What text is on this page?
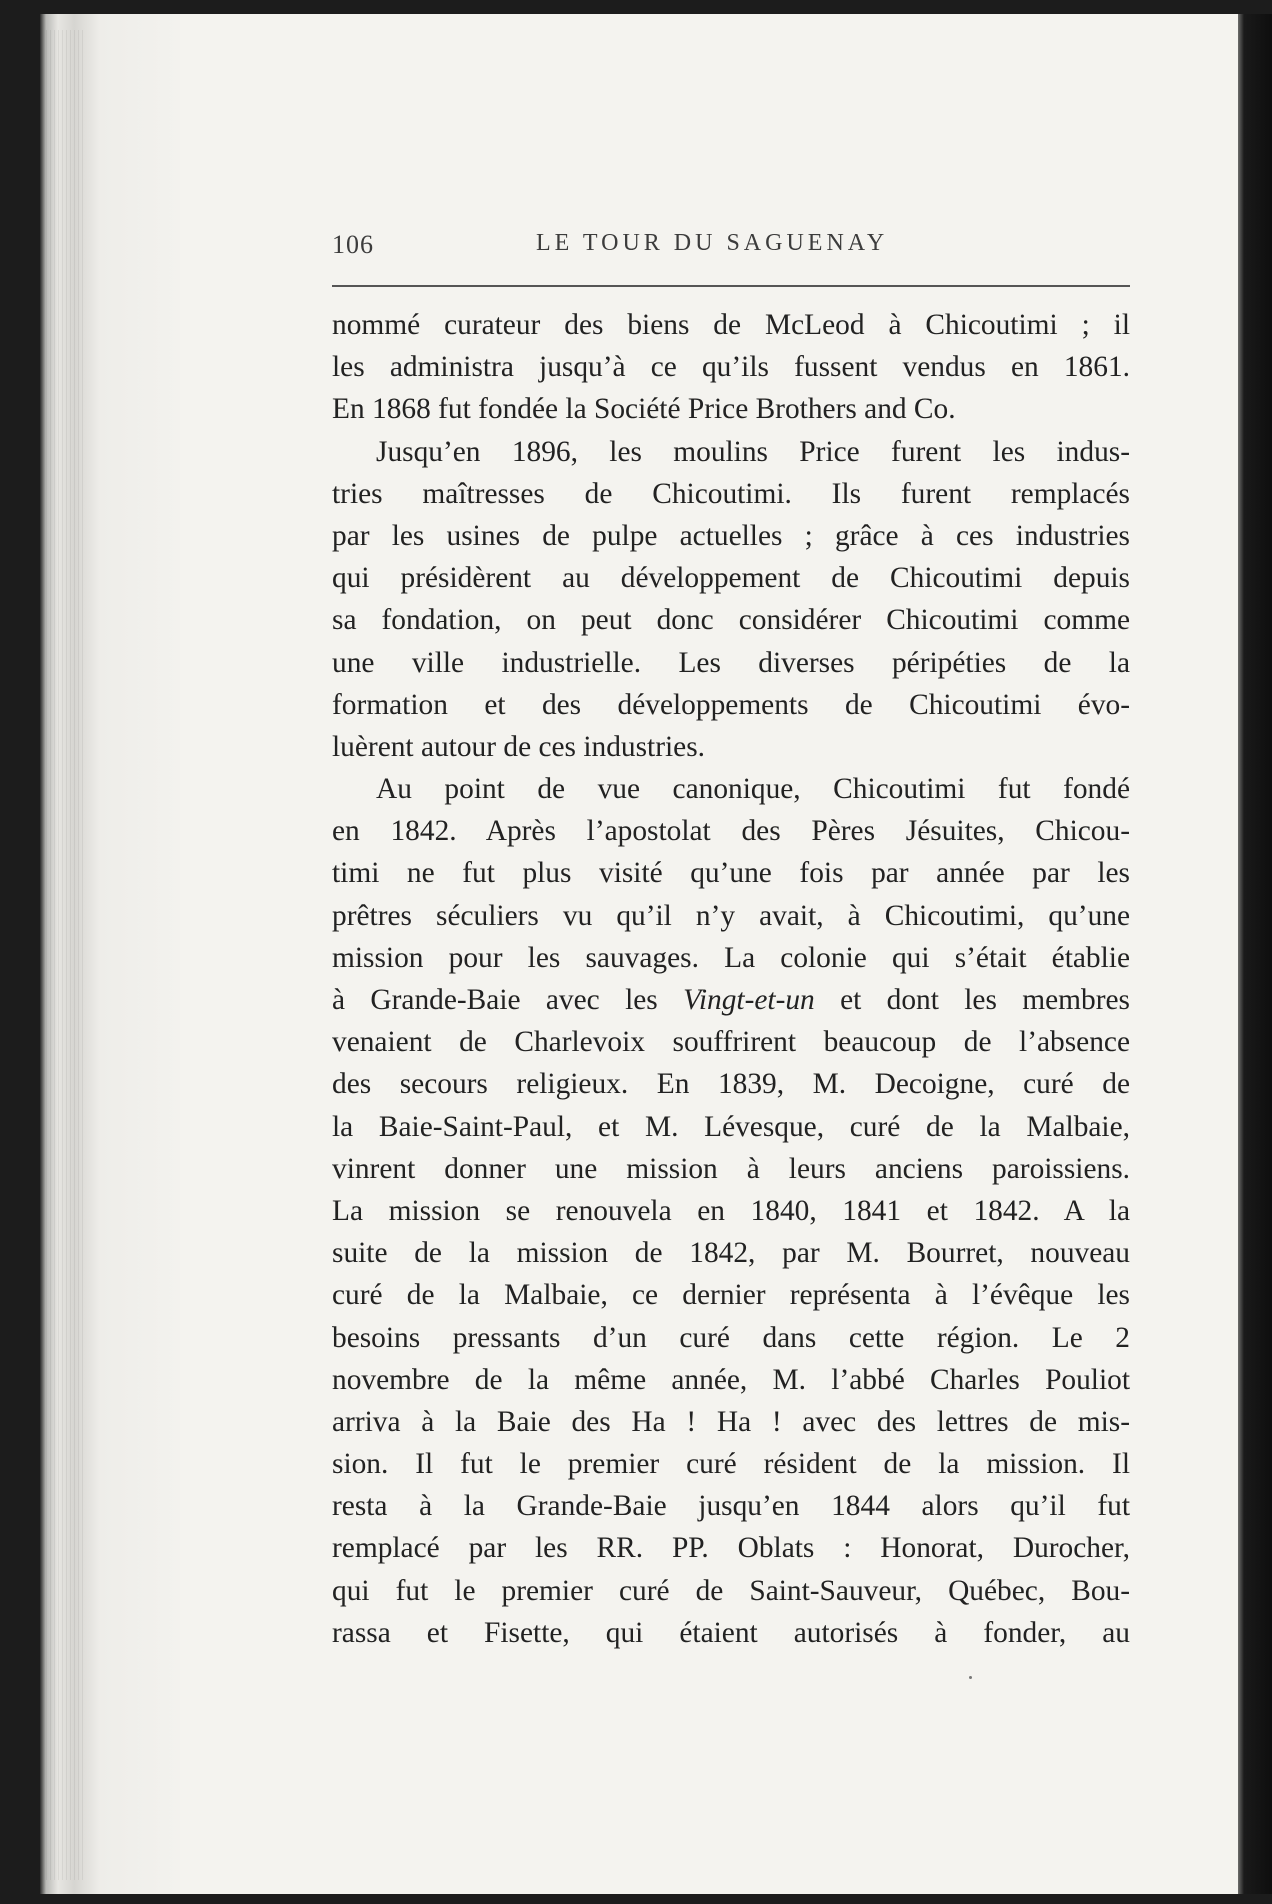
106	LE TOUR DU SAGUENAY
nommé curateur des biens de McLeod à Chicoutimi ; il
les administra jusqu’à ce qu’ils fussent vendus en 1861.
En 1868 fut fondée la Société Price Brothers and Co.
Jusqu’en 1896, les moulins Price furent les indus-
tries maîtresses de Chicoutimi. Ils furent remplacés
par les usines de pulpe actuelles ; grâce à ces industries
qui présidèrent au développement de Chicoutimi depuis
sa fondation, on peut donc considérer Chicoutimi comme
une ville industrielle. Les diverses péripéties de la
formation et des développements de Chicoutimi évo-
luèrent autour de ces industries.
Au point de vue canonique, Chicoutimi fut fondé
en 1842. Après l’apostolat des Pères Jésuites, Chicou-
timi ne fut plus visité qu’une fois par année par les
prêtres séculiers vu qu’il n’y avait, à Chicoutimi, qu’une
mission pour les sauvages. La colonie qui s’était établie
à Grande-Baie avec les Vingt-et-un et dont les membres
venaient de Charlevoix souffrirent beaucoup de l’absence
des secours religieux. En 1839, M. Decoigne, curé de
la Baie-Saint-Paul, et M. Lévesque, curé de la Malbaie,
vinrent donner une mission à leurs anciens paroissiens.
La mission se renouvela en 1840, 1841 et 1842. A la
suite de la mission de 1842, par M. Bourret, nouveau
curé de la Malbaie, ce dernier représenta à l’évêque les
besoins pressants d’un curé dans cette région. Le 2
novembre de la même année, M. l’abbé Charles Pouliot
arriva à la Baie des Ha ! Ha ! avec des lettres de mis-
sion. Il fut le premier curé résident de la mission. Il
resta à la Grande-Baie jusqu’en 1844 alors qu’il fut
remplacé par les RR. PP. Oblats : Honorat, Durocher,
qui fut le premier curé de Saint-Sauveur, Québec, Bou-
rassa et Fisette, qui étaient autorisés à fonder, au
